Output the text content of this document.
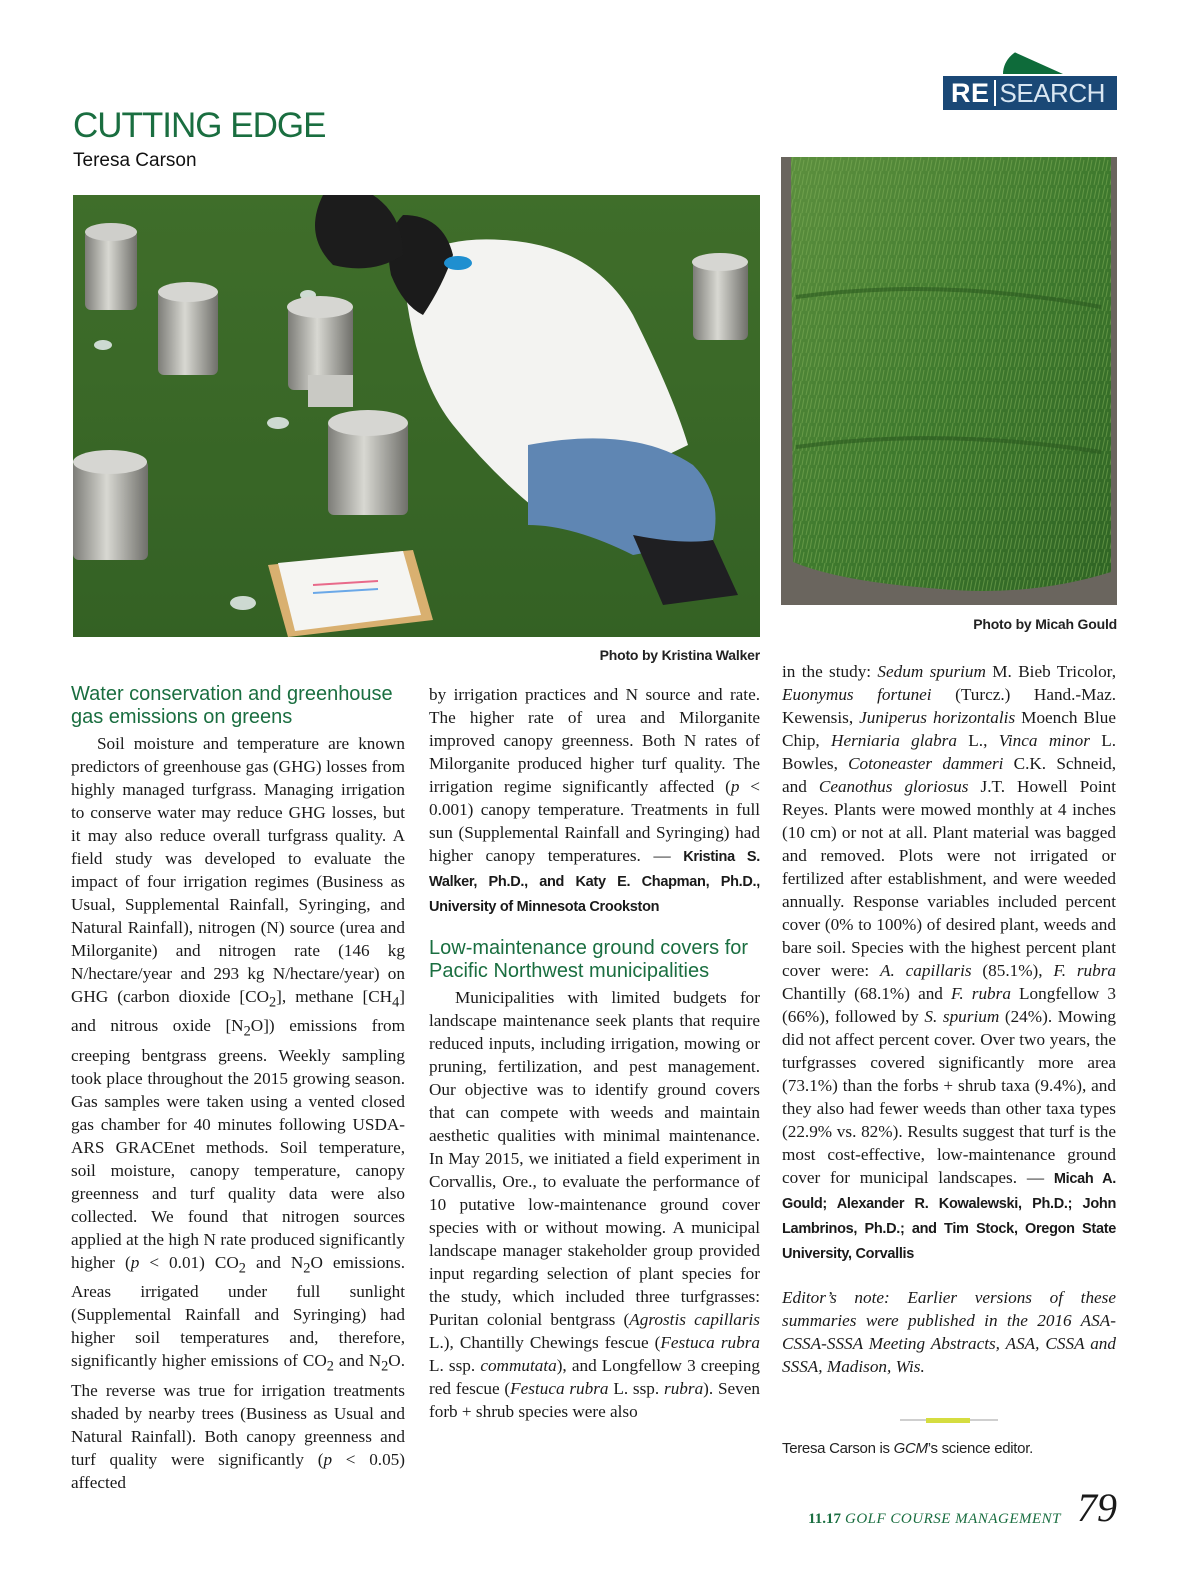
RE SEARCH
CUTTING EDGE
Teresa Carson
Photo by Kristina Walker
Photo by Micah Gould
Water conservation and greenhouse gas emissions on greens

Soil moisture and temperature are known predictors of greenhouse gas (GHG) losses from highly managed turfgrass. Managing irrigation to conserve water may reduce GHG losses, but it may also reduce overall turfgrass quality. A field study was developed to evaluate the impact of four irrigation regimes (Business as Usual, Supplemental Rainfall, Syringing, and Natural Rainfall), nitrogen (N) source (urea and Milorganite) and nitrogen rate (146 kg N/hectare/year and 293 kg N/hectare/year) on GHG (carbon dioxide $[CO_2]$, methane $[CH_4]$ and nitrous oxide $[N_2O]$) emissions from creeping bentgrass greens. Weekly sampling took place throughout the 2015 growing season. Gas samples were taken using a vented closed gas chamber for 40 minutes following USDA-ARS GRACEnet methods. Soil temperature, soil moisture, canopy temperature, canopy greenness and turf quality data were also collected. We found that nitrogen sources applied at the high N rate produced significantly higher (p < 0.01) $CO_2$ and $N_2O$ emissions. Areas irrigated under full sunlight (Supplemental Rainfall and Syringing) had higher soil temperatures and, therefore, significantly higher emissions of $CO_2$ and $N_2O$. The reverse was true for irrigation treatments shaded by nearby trees (Business as Usual and Natural Rainfall). Both canopy greenness and turf quality were significantly (p < 0.05) affected

by irrigation practices and N source and rate. The higher rate of urea and Milorganite improved canopy greenness. Both N rates of Milorganite produced higher turf quality. The irrigation regime significantly affected (p < 0.001) canopy temperature. Treatments in full sun (Supplemental Rainfall and Syringing) had higher canopy temperatures. — Kristina S. Walker, Ph.D., and Katy E. Chapman, Ph.D., University of Minnesota Crookston

Low-maintenance ground covers for Pacific Northwest municipalities

Municipalities with limited budgets for landscape maintenance seek plants that require reduced inputs, including irrigation, mowing or pruning, fertilization, and pest management. Our objective was to identify ground covers that can compete with weeds and maintain aesthetic qualities with minimal maintenance. In May 2015, we initiated a field experiment in Corvallis, Ore., to evaluate the performance of 10 putative low-maintenance ground cover species with or without mowing. A municipal landscape manager stakeholder group provided input regarding selection of plant species for the study, which included three turfgrasses: Puritan colonial bentgrass (Agrostis capillaris L.), Chantilly Chewings fescue (Festuca rubra L. ssp. commutata), and Longfellow 3 creeping red fescue (Festuca rubra L. ssp. rubra). Seven forb + shrub species were also

in the study: Sedum spurium M. Bieb Tricolor, Euonymus fortunei (Turcz.) Hand.-Maz. Kewensis, Juniperus horizontalis Moench Blue Chip, Herniaria glabra L., Vinca minor L. Bowles, Cotoneaster dammeri C.K. Schneid, and Ceanothus gloriosus J.T. Howell Point Reyes. Plants were mowed monthly at 4 inches (10 cm) or not at all. Plant material was bagged and removed. Plots were not irrigated or fertilized after establishment, and were weeded annually. Response variables included percent cover (0% to 100%) of desired plant, weeds and bare soil. Species with the highest percent plant cover were: A. capillaris (85.1%), F. rubra Chantilly (68.1%) and F. rubra Longfellow 3 (66%), followed by S. spurium (24%). Mowing did not affect percent cover. Over two years, the turfgrasses covered significantly more area (73.1%) than the forbs + shrub taxa (9.4%), and they also had fewer weeds than other taxa types (22.9% vs. 82%). Results suggest that turf is the most cost-effective, low-maintenance ground cover for municipal landscapes. — Micah A. Gould; Alexander R. Kowalewski, Ph.D.; John Lambrinos, Ph.D.; and Tim Stock, Oregon State University, Corvallis

Editor’s note: Earlier versions of these summaries were published in the 2016 ASA-CSSA-SSSA Meeting Abstracts, ASA, CSSA and SSSA, Madison, Wis.

Teresa Carson is GCM’s science editor.
11.17 GOLF COURSE MANAGEMENT 79
